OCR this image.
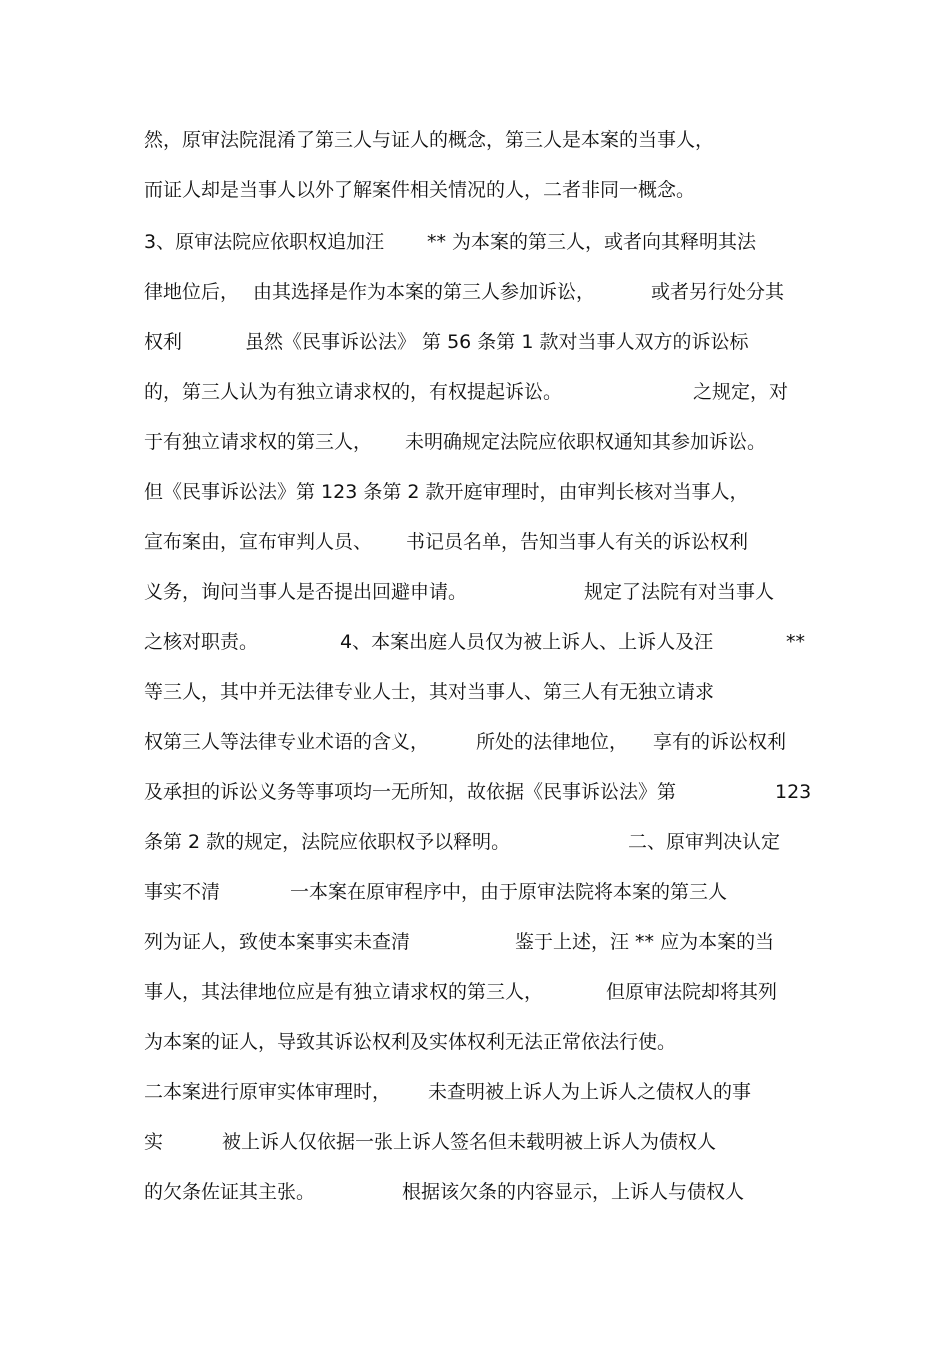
然，原审法院混淆了第三人与证人的概念，第三人是本案的当事人，
而证人却是当事人以外了解案件相关情况的人，二者非同一概念。
3、原审法院应依职权追加汪 ** 为本案的第三人，或者向其释明其法
律地位后， 由其选择是作为本案的第三人参加诉讼，	或者另行处分其
权利	虽然《民事诉讼法》 第 56 条第 1 款对当事人双方的诉讼标
的，第三人认为有独立请求权的，有权提起诉讼。	之规定，对
于有独立请求权的第三人， 未明确规定法院应依职权通知其参加诉讼。
但《民事诉讼法》第 123 条第 2 款开庭审理时，由审判长核对当事人，
宣布案由，宣布审判人员、 书记员名单，告知当事人有关的诉讼权利
义务，询问当事人是否提出回避申请。	规定了法院有对当事人
之核对职责。	4、本案出庭人员仅为被上诉人、上诉人及汪	**
等三人，其中并无法律专业人士，其对当事人、第三人有无独立请求
权第三人等法律专业术语的含义， 所处的法律地位， 享有的诉讼权利
及承担的诉讼义务等事项均一无所知，故依据《民事诉讼法》第	123
条第 2 款的规定，法院应依职权予以释明。	二、原审判决认定
事实不清	一本案在原审程序中，由于原审法院将本案的第三人
列为证人，致使本案事实未查清	鉴于上述，汪 ** 应为本案的当
事人，其法律地位应是有独立请求权的第三人，	但原审法院却将其列
为本案的证人，导致其诉讼权利及实体权利无法正常依法行使。
二本案进行原审实体审理时， 未查明被上诉人为上诉人之债权人的事
实	被上诉人仅依据一张上诉人签名但未载明被上诉人为债权人
的欠条佐证其主张。	根据该欠条的内容显示，上诉人与债权人
